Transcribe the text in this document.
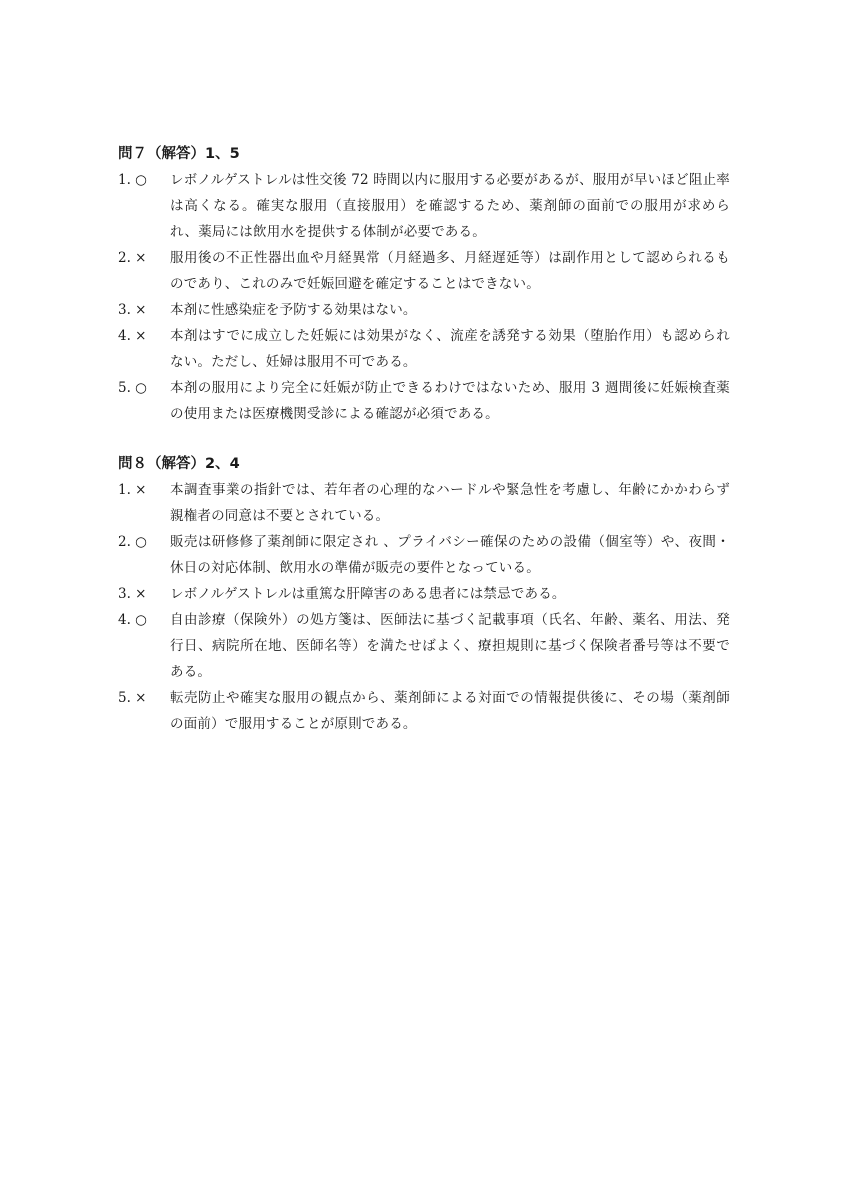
問７（解答）1、5
1. ○	レボノルゲストレルは性交後 72 時間以内に服用する必要があるが、服用が早いほど阻止率は高くなる。確実な服用（直接服用）を確認するため、薬剤師の面前での服用が求められ、薬局には飲用水を提供する体制が必要である。
2. ×	服用後の不正性器出血や月経異常（月経過多、月経遅延等）は副作用として認められるものであり、これのみで妊娠回避を確定することはできない。
3. ×	本剤に性感染症を予防する効果はない。
4. ×	本剤はすでに成立した妊娠には効果がなく、流産を誘発する効果（堕胎作用）も認められない。ただし、妊婦は服用不可である。
5. ○	本剤の服用により完全に妊娠が防止できるわけではないため、服用 3 週間後に妊娠検査薬の使用または医療機関受診による確認が必須である。
問８（解答）2、4
1. ×	本調査事業の指針では、若年者の心理的なハードルや緊急性を考慮し、年齢にかかわらず親権者の同意は不要とされている。
2. ○	販売は研修修了薬剤師に限定され 、プライバシー確保のための設備（個室等）や、夜間・休日の対応体制、飲用水の準備が販売の要件となっている。
3. ×	レボノルゲストレルは重篤な肝障害のある患者には禁忌である。
4. ○	自由診療（保険外）の処方箋は、医師法に基づく記載事項（氏名、年齢、薬名、用法、発行日、病院所在地、医師名等）を満たせばよく、療担規則に基づく保険者番号等は不要である。
5. ×	転売防止や確実な服用の観点から、薬剤師による対面での情報提供後に、その場（薬剤師の面前）で服用することが原則である。
